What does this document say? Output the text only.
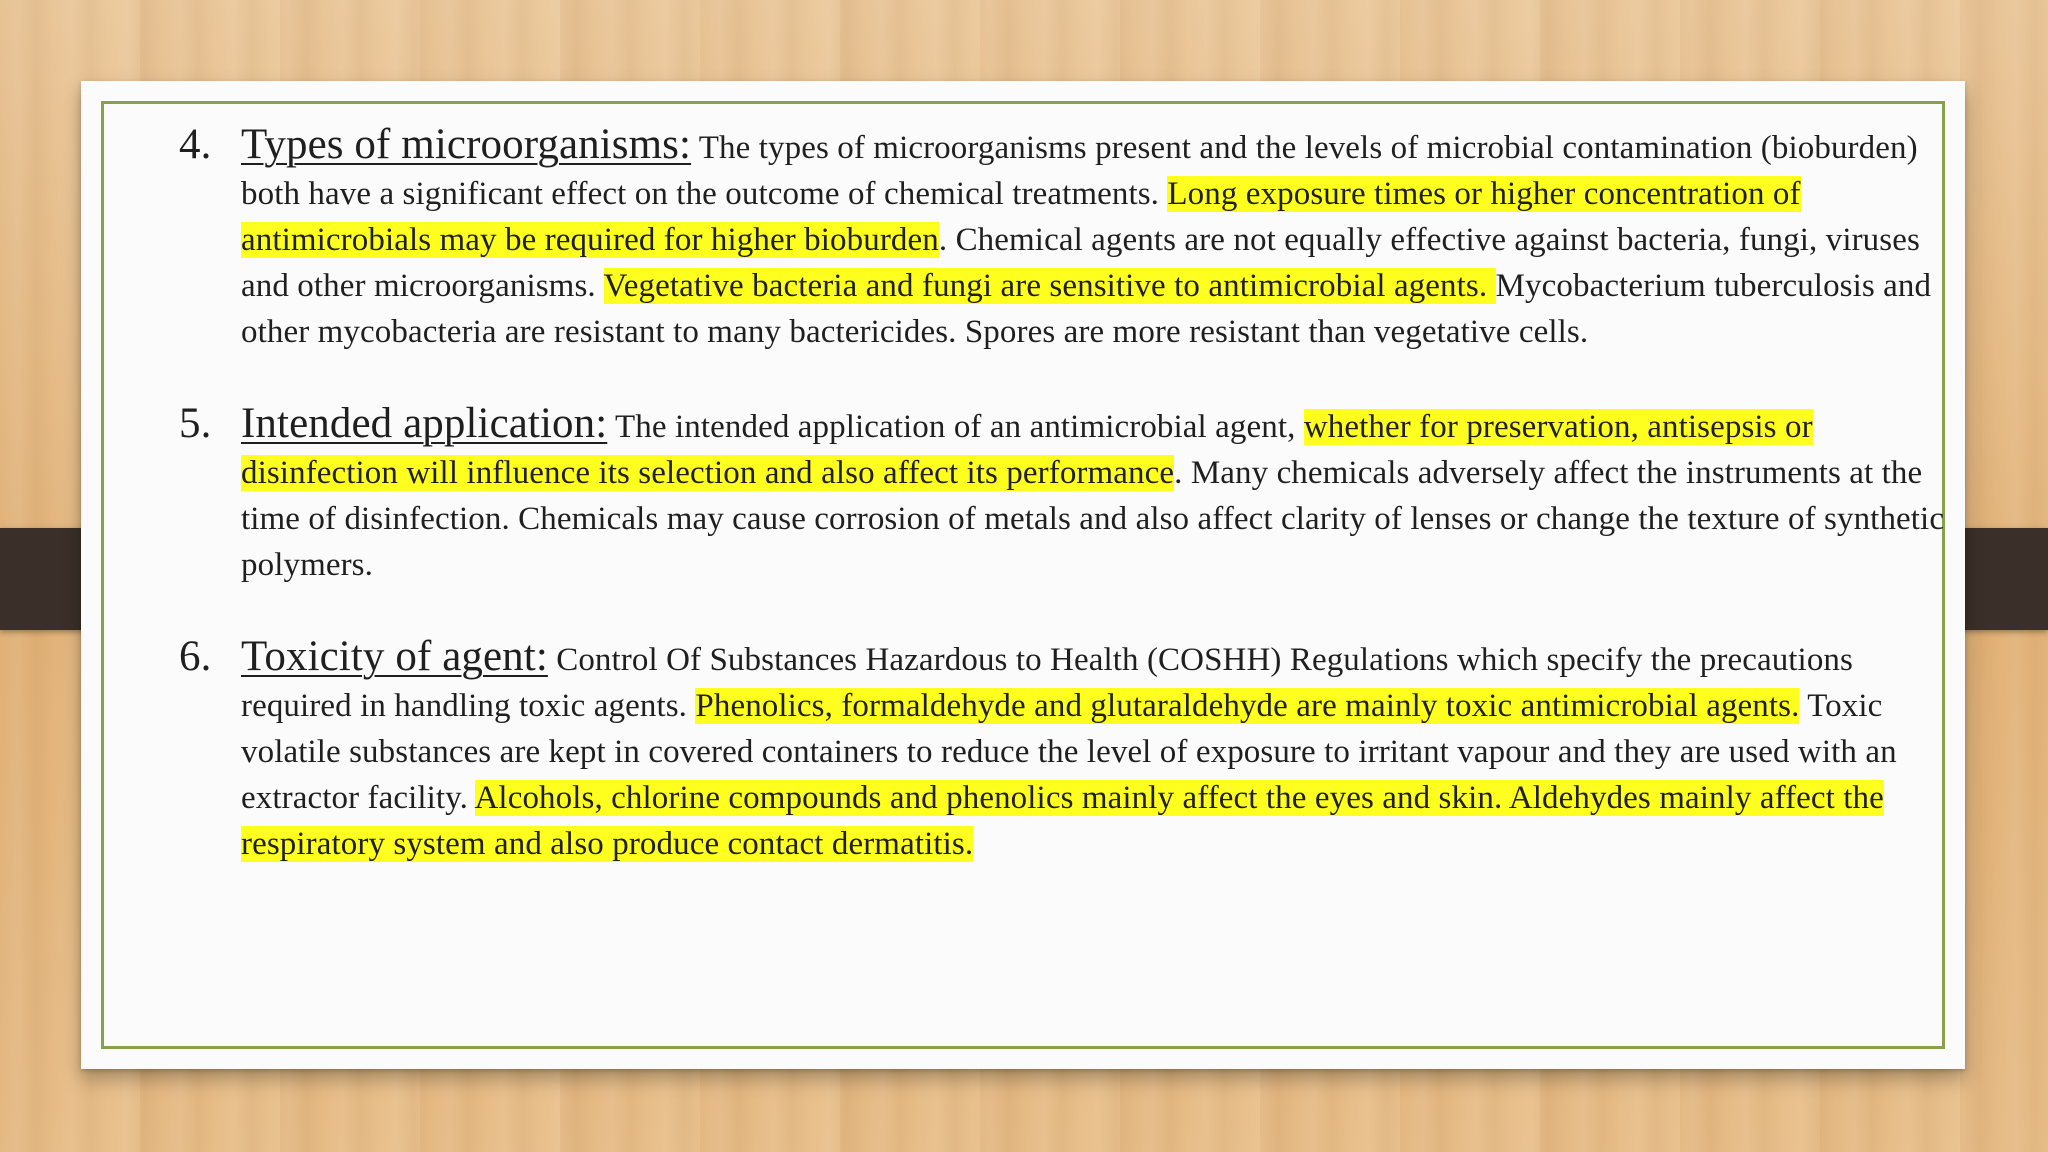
4. Types of microorganisms: The types of microorganisms present and the levels of microbial contamination (bioburden) both have a significant effect on the outcome of chemical treatments. Long exposure times or higher concentration of antimicrobials may be required for higher bioburden. Chemical agents are not equally effective against bacteria, fungi, viruses and other microorganisms. Vegetative bacteria and fungi are sensitive to antimicrobial agents. Mycobacterium tuberculosis and other mycobacteria are resistant to many bactericides. Spores are more resistant than vegetative cells.
5. Intended application: The intended application of an antimicrobial agent, whether for preservation, antisepsis or disinfection will influence its selection and also affect its performance. Many chemicals adversely affect the instruments at the time of disinfection. Chemicals may cause corrosion of metals and also affect clarity of lenses or change the texture of synthetic polymers.
6. Toxicity of agent: Control Of Substances Hazardous to Health (COSHH) Regulations which specify the precautions required in handling toxic agents. Phenolics, formaldehyde and glutaraldehyde are mainly toxic antimicrobial agents. Toxic volatile substances are kept in covered containers to reduce the level of exposure to irritant vapour and they are used with an extractor facility. Alcohols, chlorine compounds and phenolics mainly affect the eyes and skin. Aldehydes mainly affect the respiratory system and also produce contact dermatitis.
